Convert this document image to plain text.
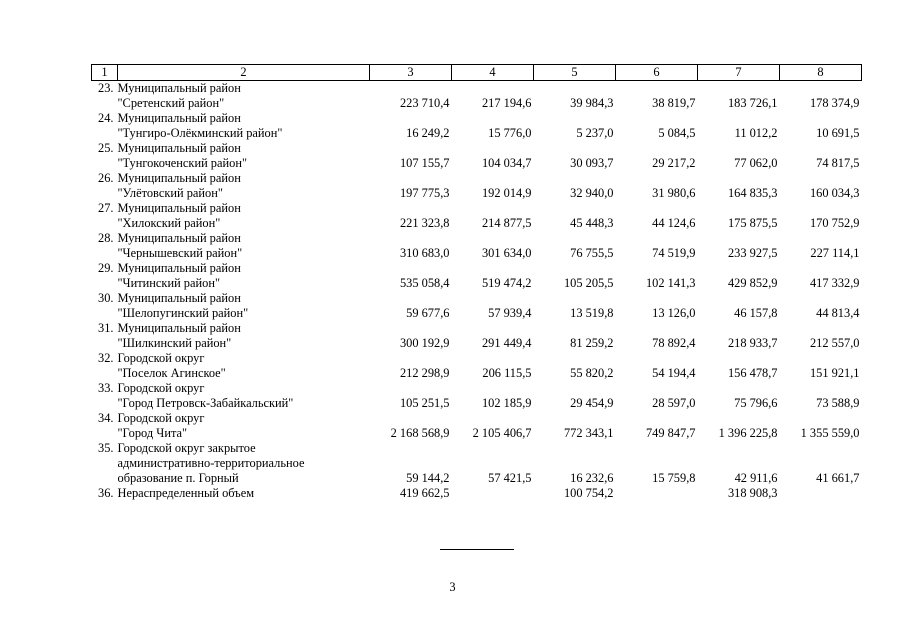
1	2	3	4	5	6	7	8
23.	Муниципальный район
"Сретенский район"	223 710,4	217 194,6	39 984,3	38 819,7	183 726,1	178 374,9
24.	Муниципальный район
"Тунгиро-Олёкминский район"	16 249,2	15 776,0	5 237,0	5 084,5	11 012,2	10 691,5
25.	Муниципальный район
"Тунгокоченский район"	107 155,7	104 034,7	30 093,7	29 217,2	77 062,0	74 817,5
26.	Муниципальный район
"Улётовский район"	197 775,3	192 014,9	32 940,0	31 980,6	164 835,3	160 034,3
27.	Муниципальный район
"Хилокский район"	221 323,8	214 877,5	45 448,3	44 124,6	175 875,5	170 752,9
28.	Муниципальный район
"Чернышевский район"	310 683,0	301 634,0	76 755,5	74 519,9	233 927,5	227 114,1
29.	Муниципальный район
"Читинский район"	535 058,4	519 474,2	105 205,5	102 141,3	429 852,9	417 332,9
30.	Муниципальный район
"Шелопугинский район"	59 677,6	57 939,4	13 519,8	13 126,0	46 157,8	44 813,4
31.	Муниципальный район
"Шилкинский район"	300 192,9	291 449,4	81 259,2	78 892,4	218 933,7	212 557,0
32.	Городской округ
"Поселок Агинское"	212 298,9	206 115,5	55 820,2	54 194,4	156 478,7	151 921,1
33.	Городской округ
"Город Петровск-Забайкальский"	105 251,5	102 185,9	29 454,9	28 597,0	75 796,6	73 588,9
34.	Городской округ
"Город Чита"	2 168 568,9	2 105 406,7	772 343,1	749 847,7	1 396 225,8	1 355 559,0
35.	Городской округ закрытое
административно-территориальное
образование п. Горный	59 144,2	57 421,5	16 232,6	15 759,8	42 911,6	41 661,7
36.	Нераспределенный объем	419 662,5		100 754,2		318 908,3	
3
